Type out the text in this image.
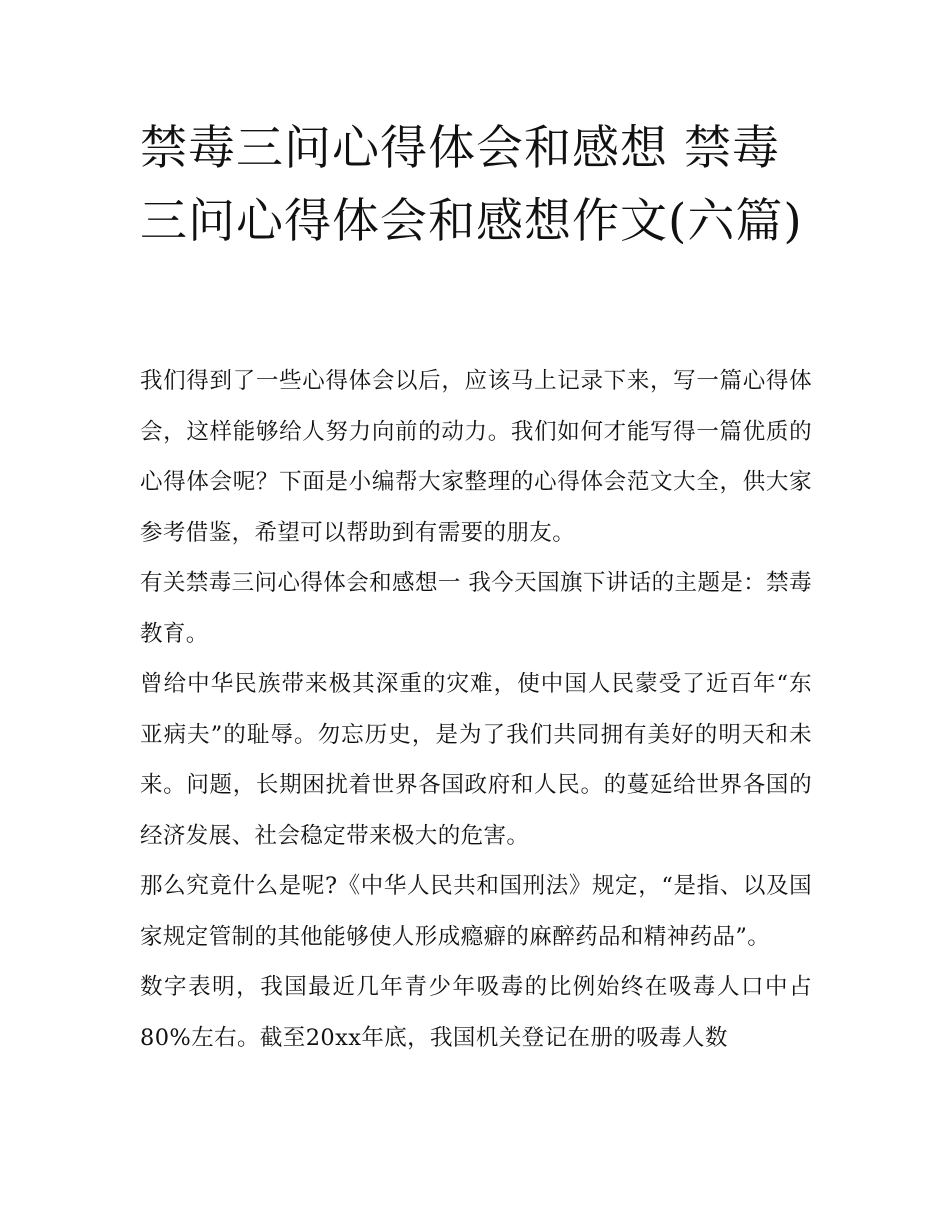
禁毒三问心得体会和感想 禁毒三问心得体会和感想作文(六篇)

我们得到了一些心得体会以后，应该马上记录下来，写一篇心得体会，这样能够给人努力向前的动力。我们如何才能写得一篇优质的心得体会呢？下面是小编帮大家整理的心得体会范文大全，供大家参考借鉴，希望可以帮助到有需要的朋友。

有关禁毒三问心得体会和感想一 我今天国旗下讲话的主题是：禁毒教育。

曾给中华民族带来极其深重的灾难，使中国人民蒙受了近百年“东亚病夫”的耻辱。勿忘历史，是为了我们共同拥有美好的明天和未来。问题，长期困扰着世界各国政府和人民。的蔓延给世界各国的经济发展、社会稳定带来极大的危害。

那么究竟什么是呢?《中华人民共和国刑法》规定，“是指、以及国家规定管制的其他能够使人形成瘾癖的麻醉药品和精神药品”。

数字表明，我国最近几年青少年吸毒的比例始终在吸毒人口中占80%左右。截至20xx年底，我国机关登记在册的吸毒人数
